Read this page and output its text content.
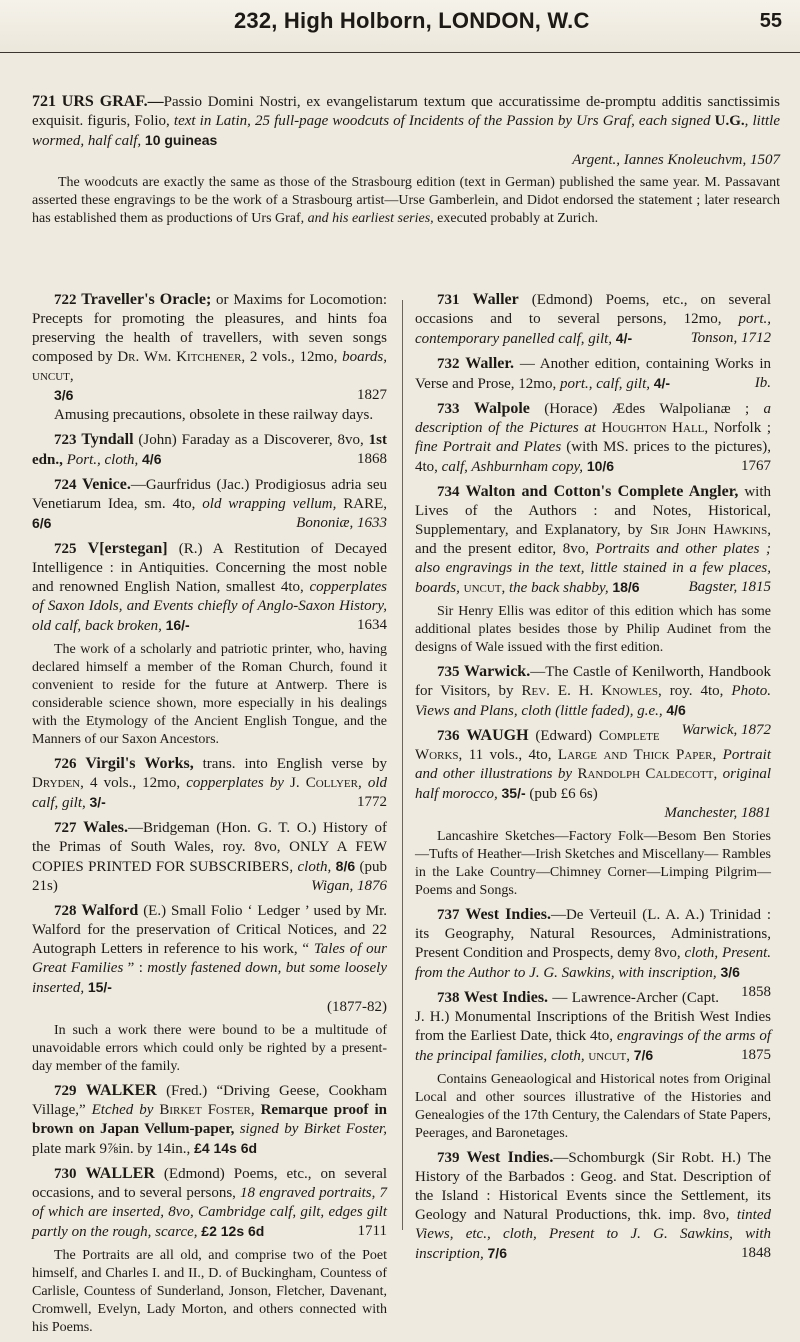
232, High Holborn, LONDON, W.C	55

721 URS GRAF.—Passio Domini Nostri, ex evangelistarum textum que accuratissime de-promptu additis sanctissimis exquisit. figuris, Folio, text in Latin, 25 full-page woodcuts of Incidents of the Passion by Urs Graf, each signed U.G., little wormed, half calf, 10 guineas
Argent., Iannes Knoleuchvm, 1507

The woodcuts are exactly the same as those of the Strasbourg edition (text in German) published the same year. M. Passavant asserted these engravings to be the work of a Strasbourg artist—Urse Gamberlein, and Didot endorsed the statement ; later research has established them as productions of Urs Graf, and his earliest series, executed probably at Zurich.

722 Traveller's Oracle; or Maxims for Locomotion: Precepts for promoting the pleasures, and hints foa preserving the health of travellers, with seven songs composed by Dr. Wm. Kitchener, 2 vols., 12mo, boards, uncut,
3/6	1827
Amusing precautions, obsolete in these railway days.

723 Tyndall (John) Faraday as a Discoverer, 8vo, 1st edn., Port., cloth, 4/6	1868

724 Venice.—Gaurfridus (Jac.) Prodigiosus adria seu Venetiarum Idea, sm. 4to, old wrapping vellum, RARE, 6/6	Bononiæ, 1633

725 V[erstegan] (R.) A Restitution of Decayed Intelligence : in Antiquities. Concerning the most noble and renowned English Nation, smallest 4to, copperplates of Saxon Idols, and Events chiefly of Anglo-Saxon History, old calf, back broken, 16/-	1634

The work of a scholarly and patriotic printer, who, having declared himself a member of the Roman Church, found it convenient to reside for the future at Antwerp. There is considerable science shown, more especially in his dealings with the Etymology of the Ancient English Tongue, and the Manners of our Saxon Ancestors.

726 Virgil's Works, trans. into English verse by Dryden, 4 vols., 12mo, copperplates by J. Collyer, old calf, gilt, 3/-	1772

727 Wales.—Bridgeman (Hon. G. T. O.) History of the Primas of South Wales, roy. 8vo, ONLY A FEW COPIES PRINTED FOR SUBSCRIBERS, cloth, 8/6 (pub 21s)	Wigan, 1876

728 Walford (E.) Small Folio ‘ Ledger ’ used by Mr. Walford for the preservation of Critical Notices, and 22 Autograph Letters in reference to his work, “ Tales of our Great Families ” : mostly fastened down, but some loosely inserted, 15/-
(1877-82)

In such a work there were bound to be a multitude of unavoidable errors which could only be righted by a present-day member of the family.

729 WALKER (Fred.) “Driving Geese, Cookham Village,” Etched by Birket Foster, Remarque proof in brown on Japan Vellum-paper, signed by Birket Foster, plate mark 9⅞in. by 14in., £4 14s 6d

730 WALLER (Edmond) Poems, etc., on several occasions, and to several persons, 18 engraved portraits, 7 of which are inserted, 8vo, Cambridge calf, gilt, edges gilt partly on the rough, scarce, £2 12s 6d	1711

The Portraits are all old, and comprise two of the Poet himself, and Charles I. and II., D. of Buckingham, Countess of Carlisle, Countess of Sunderland, Jonson, Fletcher, Davenant, Cromwell, Evelyn, Lady Morton, and others connected with his Poems.

731 Waller (Edmond) Poems, etc., on several occasions and to several persons, 12mo, port., contemporary panelled calf, gilt, 4/-	Tonson, 1712

732 Waller. — Another edition, containing Works in Verse and Prose, 12mo, port., calf, gilt, 4/-	Ib.

733 Walpole (Horace) Ædes Walpolianæ ; a description of the Pictures at Houghton Hall, Norfolk ; fine Portrait and Plates (with MS. prices to the pictures), 4to, calf, Ashburnham copy, 10/6	1767

734 Walton and Cotton's Complete Angler, with Lives of the Authors : and Notes, Historical, Supplementary, and Explanatory, by Sir John Hawkins, and the present editor, 8vo, Portraits and other plates ; also engravings in the text, little stained in a few places, boards, uncut, the back shabby, 18/6	Bagster, 1815

Sir Henry Ellis was editor of this edition which has some additional plates besides those by Philip Audinet from the designs of Wale issued with the first edition.

735 Warwick.—The Castle of Kenilworth, Handbook for Visitors, by Rev. E. H. Knowles, roy. 4to, Photo. Views and Plans, cloth (little faded), g.e., 4/6
Warwick, 1872

736 WAUGH (Edward) Complete Works, 11 vols., 4to, Large and Thick Paper, Portrait and other illustrations by Randolph Caldecott, original half morocco, 35/- (pub £6 6s)
Manchester, 1881

Lancashire Sketches—Factory Folk—Besom Ben Stories —Tufts of Heather—Irish Sketches and Miscellany— Rambles in the Lake Country—Chimney Corner—Limping Pilgrim—Poems and Songs.

737 West Indies.—De Verteuil (L. A. A.) Trinidad : its Geography, Natural Resources, Administrations, Present Condition and Prospects, demy 8vo, cloth, Present. from the Author to J. G. Sawkins, with inscription, 3/6
1858

738 West Indies. — Lawrence-Archer (Capt. J. H.) Monumental Inscriptions of the British West Indies from the Earliest Date, thick 4to, engravings of the arms of the principal families, cloth, uncut, 7/6	1875

Contains Geneaological and Historical notes from Original Local and other sources illustrative of the Histories and Genealogies of the 17th Century, the Calendars of State Papers, Peerages, and Baronetages.

739 West Indies.—Schomburgk (Sir Robt. H.) The History of the Barbados : Geog. and Stat. Description of the Island : Historical Events since the Settlement, its Geology and Natural Productions, thk. imp. 8vo, tinted Views, etc., cloth, Present to J. G. Sawkins, with inscription, 7/6	1848
